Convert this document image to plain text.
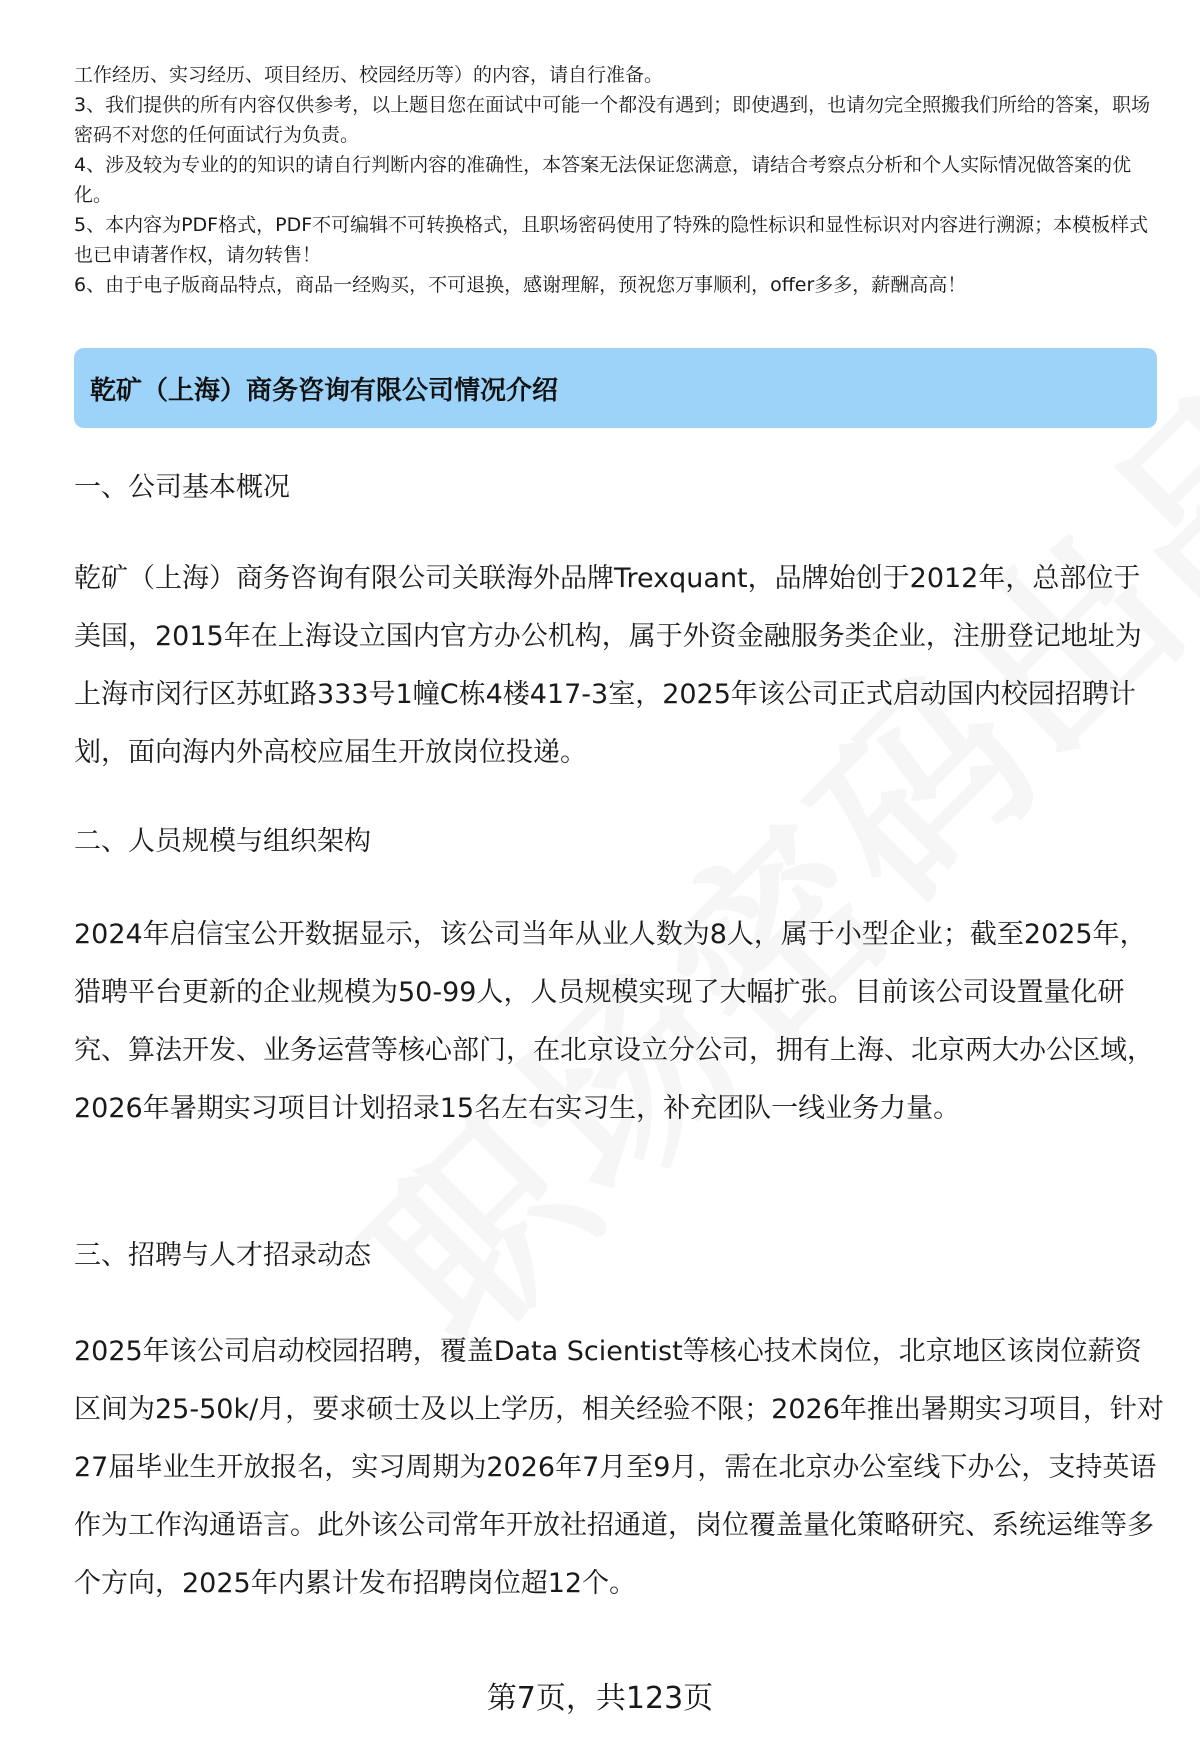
工作经历、实习经历、项目经历、校园经历等）的内容，请自行准备。

3、我们提供的所有内容仅供参考，以上题目您在面试中可能一个都没有遇到；即使遇到，也请勿完全照搬我们所给的答案，职场密码不对您的任何面试行为负责。

4、涉及较为专业的的知识的请自行判断内容的准确性，本答案无法保证您满意，请结合考察点分析和个人实际情况做答案的优化。

5、本内容为PDF格式，PDF不可编辑不可转换格式，且职场密码使用了特殊的隐性标识和显性标识对内容进行溯源；本模板样式也已申请著作权，请勿转售！

6、由于电子版商品特点，商品一经购买，不可退换，感谢理解，预祝您万事顺利，offer多多，薪酬高高！

乾矿（上海）商务咨询有限公司情况介绍

一、公司基本概况

乾矿（上海）商务咨询有限公司关联海外品牌Trexquant，品牌始创于2012年，总部位于美国，2015年在上海设立国内官方办公机构，属于外资金融服务类企业，注册登记地址为上海市闵行区苏虹路333号1幢C栋4楼417-3室，2025年该公司正式启动国内校园招聘计划，面向海内外高校应届生开放岗位投递。

二、人员规模与组织架构

2024年启信宝公开数据显示，该公司当年从业人数为8人，属于小型企业；截至2025年，猎聘平台更新的企业规模为50-99人，人员规模实现了大幅扩张。目前该公司设置量化研究、算法开发、业务运营等核心部门，在北京设立分公司，拥有上海、北京两大办公区域，2026年暑期实习项目计划招录15名左右实习生，补充团队一线业务力量。

三、招聘与人才招录动态

2025年该公司启动校园招聘，覆盖Data Scientist等核心技术岗位，北京地区该岗位薪资区间为25-50k/月，要求硕士及以上学历，相关经验不限；2026年推出暑期实习项目，针对27届毕业生开放报名，实习周期为2026年7月至9月，需在北京办公室线下办公，支持英语作为工作沟通语言。此外该公司常年开放社招通道，岗位覆盖量化策略研究、系统运维等多个方向，2025年内累计发布招聘岗位超12个。

第7页，共123页
